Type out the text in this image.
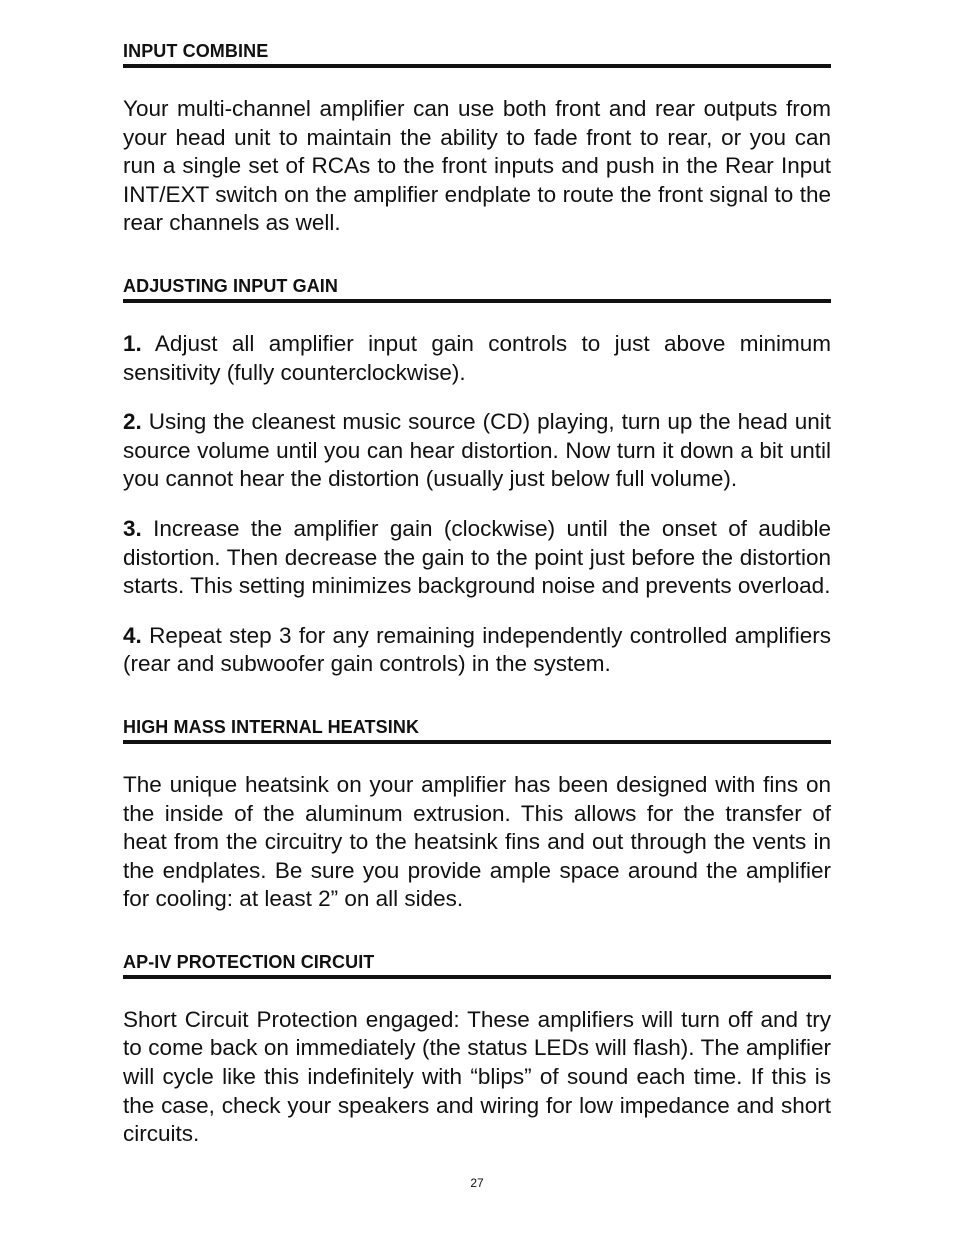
INPUT COMBINE

Your multi-channel amplifier can use both front and rear outputs from your head unit to maintain the ability to fade front to rear, or you can run a single set of RCAs to the front inputs and push in the Rear Input INT/EXT switch on the amplifier endplate to route the front signal to the rear channels as well.

ADJUSTING INPUT GAIN

1. Adjust all amplifier input gain controls to just above minimum sensitivity (fully counterclockwise).

2. Using the cleanest music source (CD) playing, turn up the head unit source volume until you can hear distortion. Now turn it down a bit until you cannot hear the distortion (usually just below full volume).

3. Increase the amplifier gain (clockwise) until the onset of audible distortion. Then decrease the gain to the point just before the distortion starts. This setting minimizes background noise and prevents overload.

4. Repeat step 3 for any remaining independently controlled amplifiers (rear and subwoofer gain controls) in the system.

HIGH MASS INTERNAL HEATSINK

The unique heatsink on your amplifier has been designed with fins on the inside of the aluminum extrusion. This allows for the transfer of heat from the circuitry to the heatsink fins and out through the vents in the endplates. Be sure you provide ample space around the amplifier for cooling: at least 2” on all sides.

AP-IV PROTECTION CIRCUIT

Short Circuit Protection engaged: These amplifiers will turn off and try to come back on immediately (the status LEDs will flash). The amplifier will cycle like this indefinitely with “blips” of sound each time. If this is the case, check your speakers and wiring for low impedance and short circuits.

27
